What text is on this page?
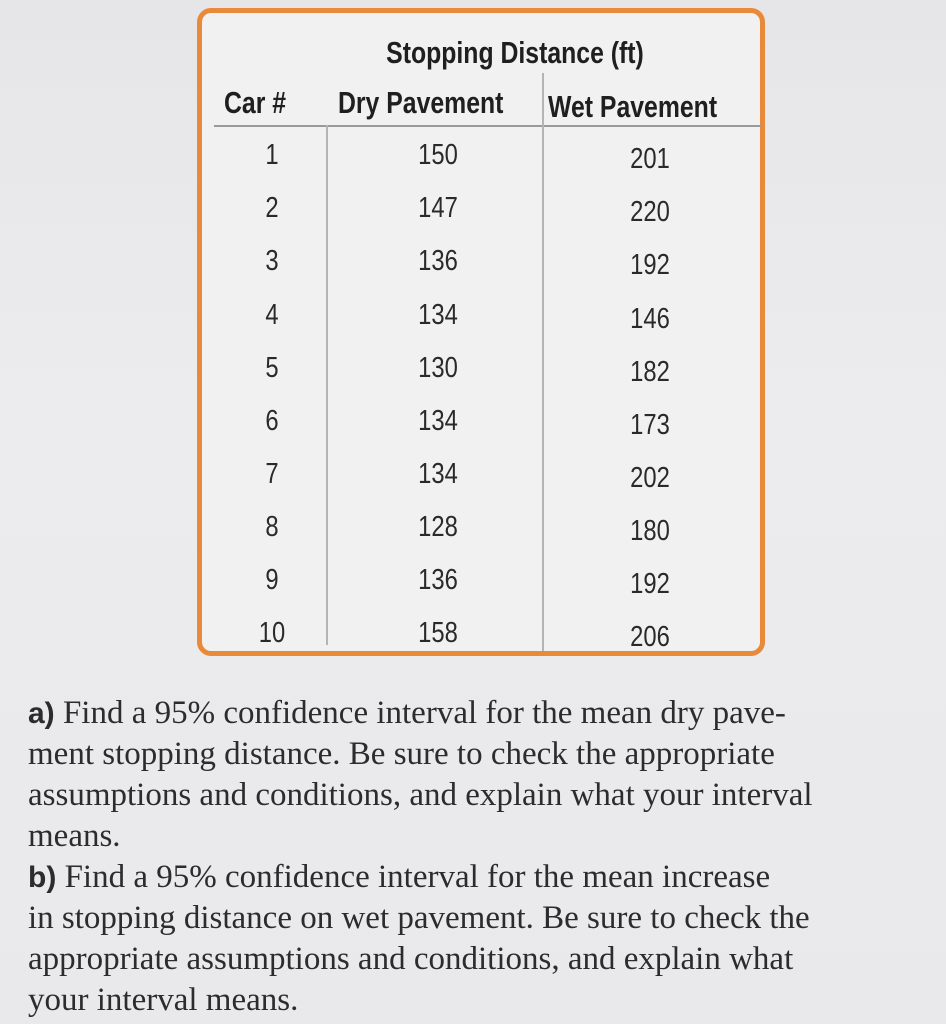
Stopping Distance (ft)
Car # Dry Pavement Wet Pavement
1	150	201
2	147	220
3	136	192
4	134	146
5	130	182
6	134	173
7	134	202
8	128	180
9	136	192
10	158	206
a) Find a 95% confidence interval for the mean dry pave-
ment stopping distance. Be sure to check the appropriate
assumptions and conditions, and explain what your interval
means.
b) Find a 95% confidence interval for the mean increase
in stopping distance on wet pavement. Be sure to check the
appropriate assumptions and conditions, and explain what
your interval means.
